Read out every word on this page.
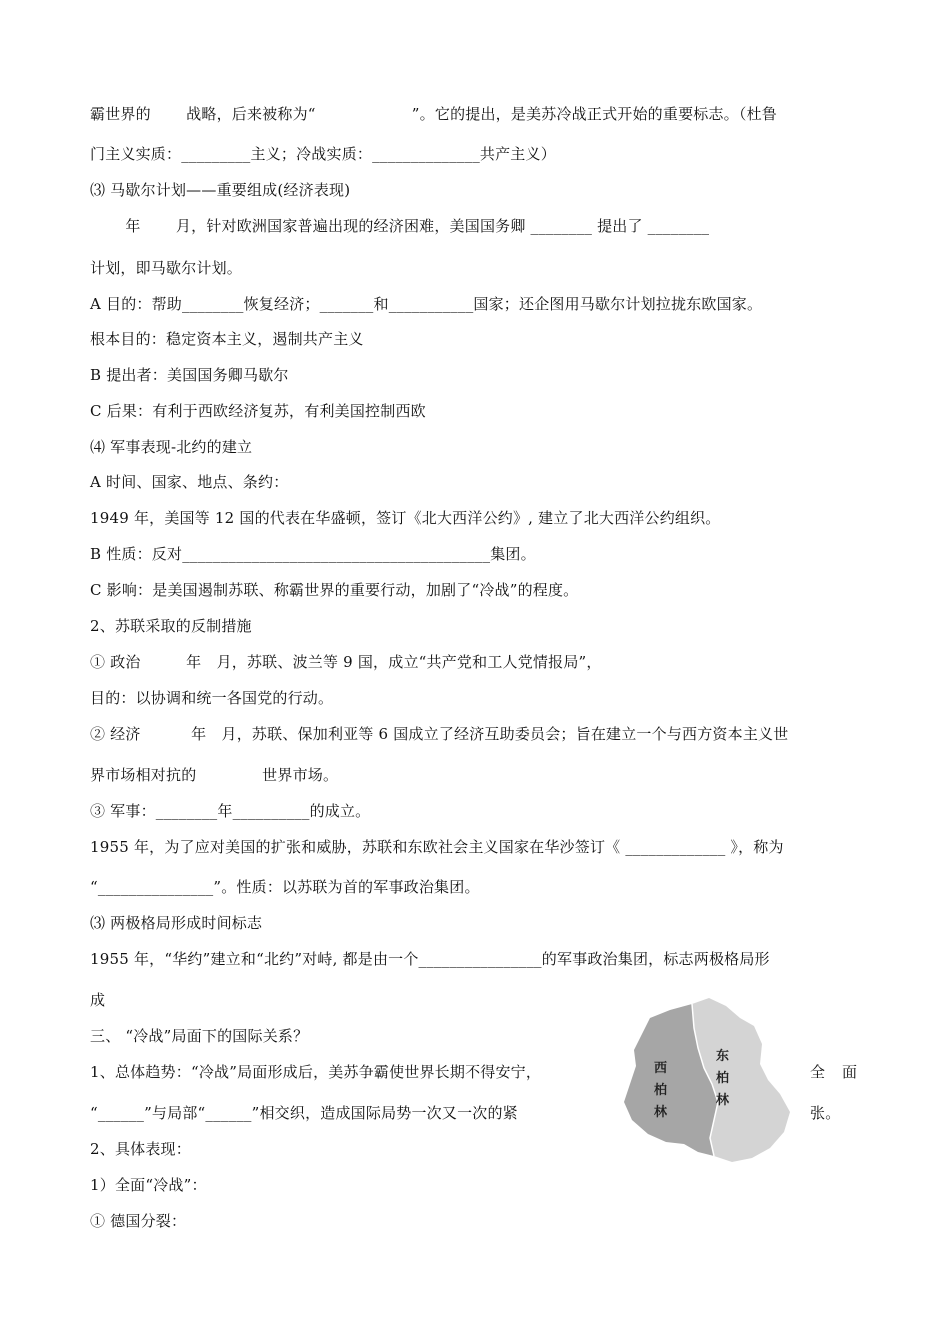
霸世界的　　 战略，后来被称为“　　　　　　 ”。它的提出，是美苏冷战正式开始的重要标志。（杜鲁
门主义实质：_________主义；冷战实质：______________共产主义）
⑶ 马歇尔计划——重要组成(经济表现)
　　 年　　 月，针对欧洲国家普遍出现的经济困难，美国国务卿 ________ 提出了 ________
计划，即马歇尔计划。
A 目的：帮助________恢复经济；_______和___________国家；还企图用马歇尔计划拉拢东欧国家。
根本目的：稳定资本主义，遏制共产主义
B 提出者：美国国务卿马歇尔
C 后果：有利于西欧经济复苏，有利美国控制西欧
⑷ 军事表现-北约的建立
A 时间、国家、地点、条约：
1949 年，美国等 12 国的代表在华盛顿，签订《北大西洋公约》, 建立了北大西洋公约组织。
B 性质：反对________________________________________集团。
C 影响：是美国遏制苏联、称霸世界的重要行动，加剧了“冷战”的程度。
2、苏联采取的反制措施
① 政治　　　年　月，苏联、波兰等 9 国，成立“共产党和工人党情报局”，
目的：以协调和统一各国党的行动。
② 经济　　　 年　月，苏联、保加利亚等 6 国成立了经济互助委员会；旨在建立一个与西方资本主义世
界市场相对抗的　　　　 世界市场。
③ 军事：________年__________的成立。
1955 年，为了应对美国的扩张和威胁，苏联和东欧社会主义国家在华沙签订《 _____________ 》，称为
“_______________”。性质：以苏联为首的军事政治集团。
⑶ 两极格局形成时间标志
1955 年，“华约”建立和“北约”对峙, 都是由一个________________的军事政治集团，标志两极格局形
成
三、 “冷战”局面下的国际关系？
1、总体趋势：“冷战”局面形成后，美苏争霸使世界长期不得安宁，
“______”与局部“______”相交织，造成国际局势一次又一次的紧
2、具体表现：
1）全面“冷战”：
① 德国分裂：
全 面
张。
西柏林
东柏林
